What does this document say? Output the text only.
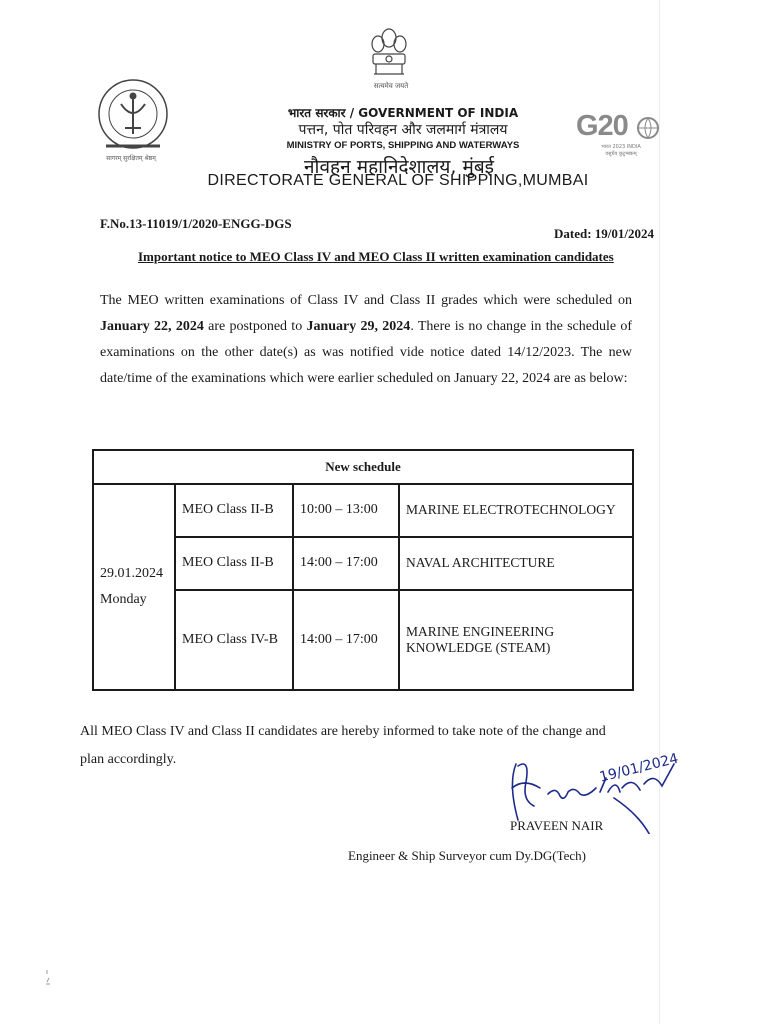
सत्यमेव जयते
सागरम् सुरक्षितम् श्रेष्ठम्
G20
भारत 2023 INDIA
वसुधैव कुटुम्बकम्
भारत सरकार / GOVERNMENT OF INDIA
पत्तन, पोत परिवहन और जलमार्ग मंत्रालय
MINISTRY OF PORTS, SHIPPING AND WATERWAYS
नौवहन महानिदेशालय, मुंबई
DIRECTORATE GENERAL OF SHIPPING,MUMBAI
F.No.13-11019/1/2020-ENGG-DGS
Dated: 19/01/2024
Important notice to MEO Class IV and MEO Class II written examination candidates
The MEO written examinations of Class IV and Class II grades which were scheduled on January 22, 2024 are postponed to January 29, 2024. There is no change in the schedule of examinations on the other date(s) as was notified vide notice dated 14/12/2023. The new date/time of the examinations which were earlier scheduled on January 22, 2024 are as below:
New schedule			

29.01.2024
Monday	MEO Class II-B	10:00 – 13:00	MARINE ELECTROTECHNOLOGY
	MEO Class II-B	14:00 – 17:00	NAVAL ARCHITECTURE
	MEO Class IV-B	14:00 – 17:00	MARINE ENGINEERING KNOWLEDGE (STEAM)
All MEO Class IV and Class II candidates are hereby informed to take note of the change and plan accordingly.	19/01/2024
PRAVEEN NAIR
Engineer & Ship Surveyor cum Dy.DG(Tech)
